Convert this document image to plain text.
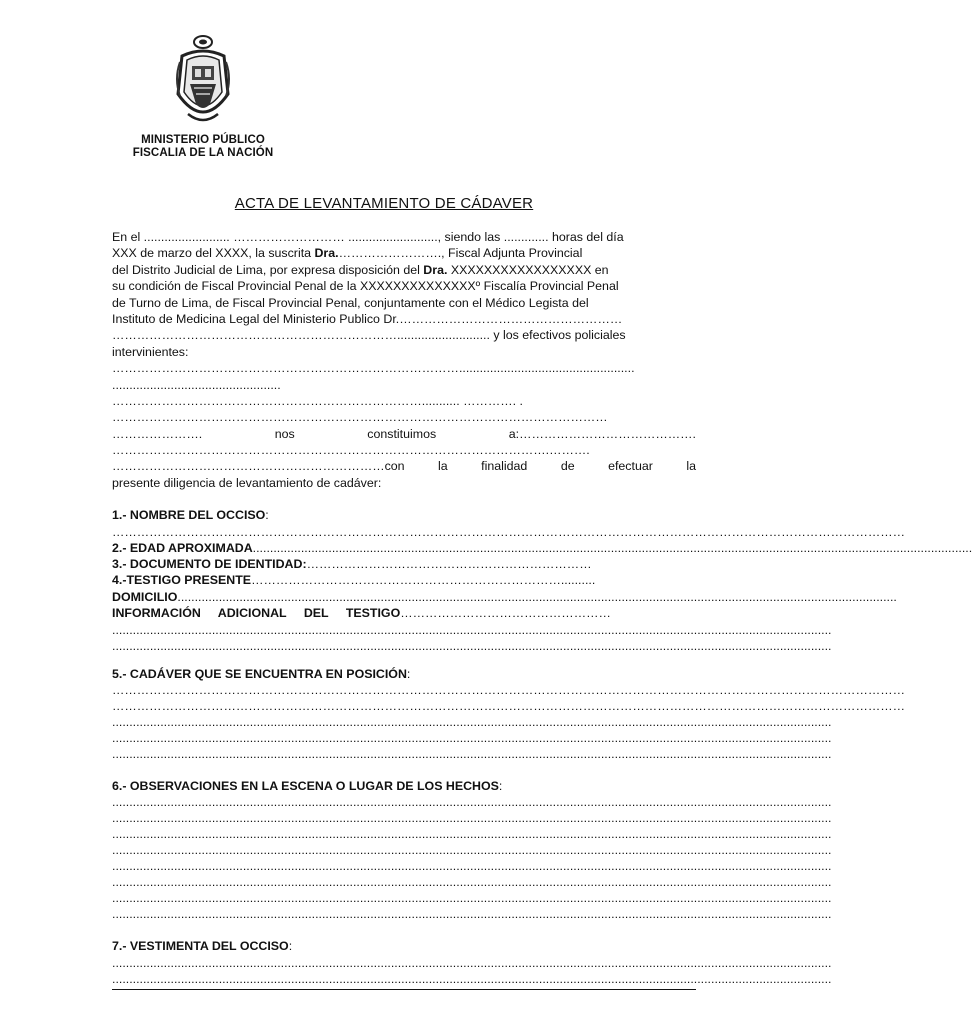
MINISTERIO PÚBLICO
FISCALIA DE LA NACIÓN
ACTA DE LEVANTAMIENTO DE CÁDAVER
En el ......................... ……………………… .........................., siendo las ............. horas del día
XXX de marzo del XXXX, la suscrita Dra.……………………., Fiscal Adjunta Provincial
del Distrito Judicial de Lima, por expresa disposición del Dra. XXXXXXXXXXXXXXXXX en
su condición de Fiscal Provincial Penal de la XXXXXXXXXXXXXXº Fiscalía Provincial Penal
de Turno de Lima, de Fiscal Provincial Penal, conjuntamente con el Médico Legista del
Instituto de Medicina Legal del Ministerio Publico Dr.………………………………………………
……………………………………………………………........................... y los efectivos policiales
intervinientes:
…………………………………………………………………………...................................................
.................................................
…………………………………………………………………........... …………. .
…………………………………………………………………………………………………………
………………….	nos	constituimos	a:…………………………………….
…………………………………………………………………………………………….……….
…………………………………………………………con	la	finalidad	de	efectuar	la
presente diligencia de levantamiento de cadáver:
1.- NOMBRE DEL OCCISO:
…………………………………………………………………………………………………………………………………………………………………………
2.- EDAD APROXIMADA.................................................................................................................................................................................................................
3.- DOCUMENTO DE IDENTIDAD:……………………………………………………………
4.-TESTIGO PRESENTE…………………………………………………………………..........
DOMICILIO.................................................................................................................................................................................................................
INFORMACIÓN ADICIONAL DEL TESTIGO……………………………………………
.................................................................................................................................................................................................................
.................................................................................................................................................................................................................
5.- CADÁVER QUE SE ENCUENTRA EN POSICIÓN:
…………………………………………………………………………………………………………………………………………………………………………
…………………………………………………………………………………………………………………………………………………………………………
.................................................................................................................................................................................................................
.................................................................................................................................................................................................................
.................................................................................................................................................................................................................
6.- OBSERVACIONES EN LA ESCENA O LUGAR DE LOS HECHOS:
.................................................................................................................................................................................................................
.................................................................................................................................................................................................................
.................................................................................................................................................................................................................
.................................................................................................................................................................................................................
.................................................................................................................................................................................................................
.................................................................................................................................................................................................................
.................................................................................................................................................................................................................
.................................................................................................................................................................................................................
7.- VESTIMENTA DEL OCCISO:
.................................................................................................................................................................................................................
.................................................................................................................................................................................................................
